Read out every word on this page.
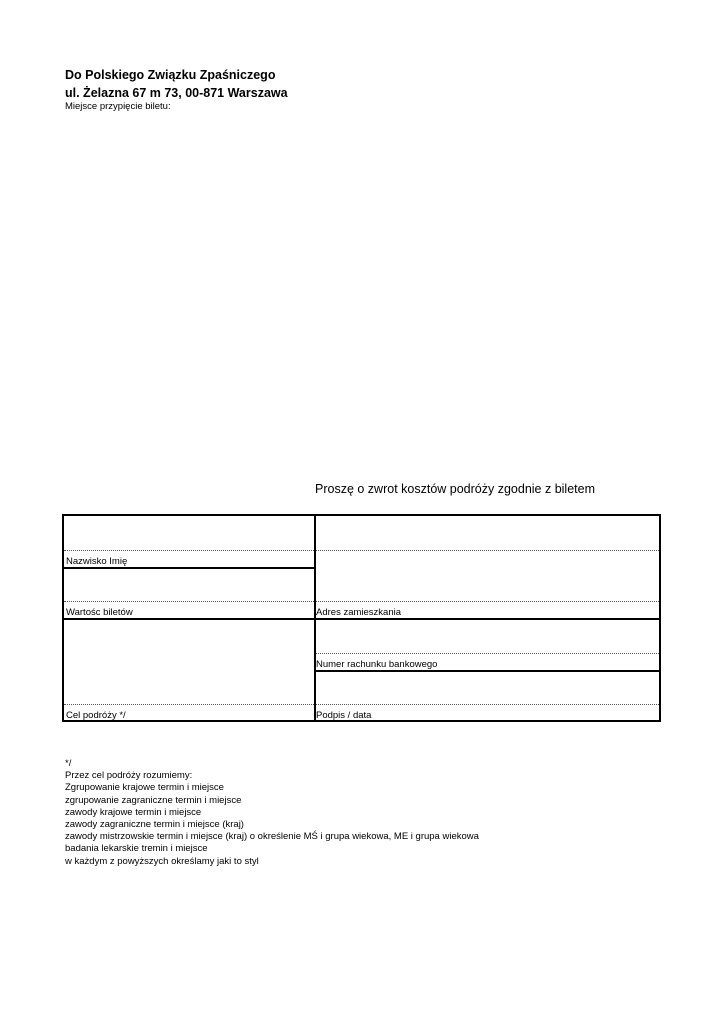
Do Polskiego Związku Zpaśniczego
ul. Żelazna 67 m 73, 00-871 Warszawa
Miejsce przypięcie biletu:
Proszę o zwrot kosztów podróży zgodnie z biletem
Nazwisko Imię
Wartośc biletów
Cel podróży */
Adres zamieszkania
Numer rachunku bankowego
Podpis / data
*/
Przez cel podróży rozumiemy:
Zgrupowanie krajowe termin i miejsce
zgrupowanie zagraniczne termin i miejsce
zawody krajowe termin i miejsce
zawody zagraniczne termin i miejsce (kraj)
zawody mistrzowskie termin i miejsce (kraj) o określenie MŚ i grupa wiekowa, ME i grupa wiekowa
badania lekarskie tremin i miejsce
w każdym z powyższych określamy jaki to styl
